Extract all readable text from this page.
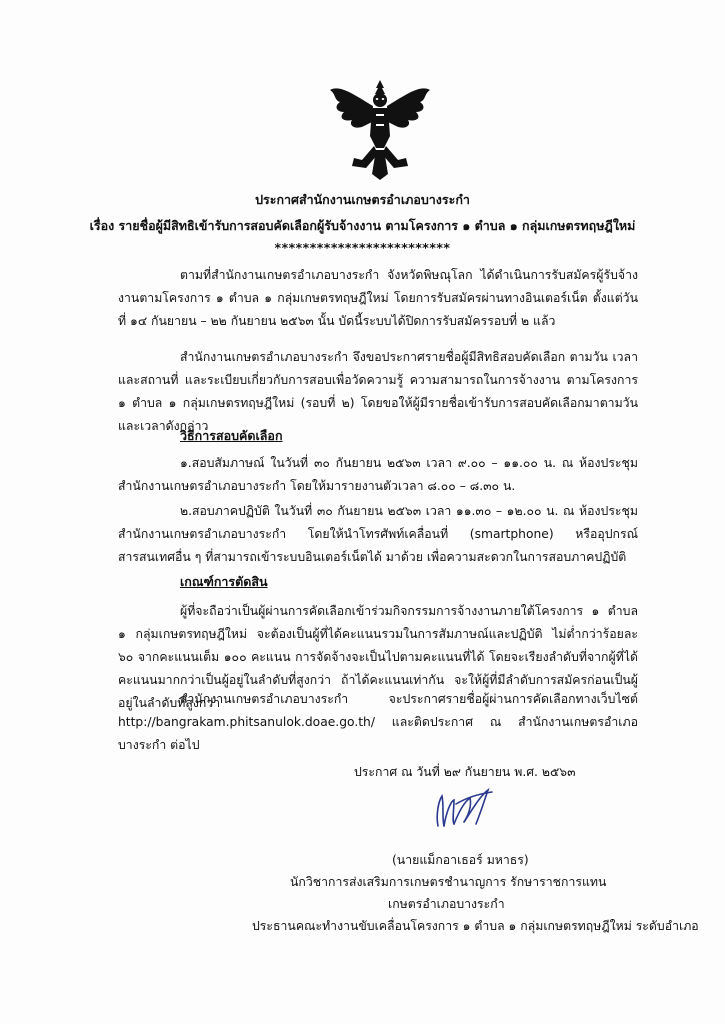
ประกาศสำนักงานเกษตรอำเภอบางระกำ
เรื่อง รายชื่อผู้มีสิทธิเข้ารับการสอบคัดเลือกผู้รับจ้างงาน ตามโครงการ ๑ ตำบล ๑ กลุ่มเกษตรทฤษฎีใหม่
*************************
ตามที่สำนักงานเกษตรอำเภอบางระกำ จังหวัดพิษณุโลก ได้ดำเนินการรับสมัครผู้รับจ้างงานตามโครงการ ๑ ตำบล ๑ กลุ่มเกษตรทฤษฎีใหม่ โดยการรับสมัครผ่านทางอินเตอร์เน็ต ตั้งแต่วันที่ ๑๔ กันยายน – ๒๒ กันยายน ๒๕๖๓ นั้น บัดนี้ระบบได้ปิดการรับสมัครรอบที่ ๒ แล้ว
สำนักงานเกษตรอำเภอบางระกำ จึงขอประกาศรายชื่อผู้มีสิทธิสอบคัดเลือก ตามวัน เวลา และสถานที่ และระเบียบเกี่ยวกับการสอบเพื่อวัดความรู้ ความสามารถในการจ้างงาน ตามโครงการ ๑ ตำบล ๑ กลุ่มเกษตรทฤษฎีใหม่ (รอบที่ ๒) โดยขอให้ผู้มีรายชื่อเข้ารับการสอบคัดเลือกมาตามวันและเวลาดังกล่าว
วิธีการสอบคัดเลือก
๑.สอบสัมภาษณ์ ในวันที่ ๓๐ กันยายน ๒๕๖๓ เวลา ๙.๐๐ – ๑๑.๐๐ น. ณ ห้องประชุมสำนักงานเกษตรอำเภอบางระกำ โดยให้มารายงานตัวเวลา ๘.๐๐ – ๘.๓๐ น.
๒.สอบภาคปฏิบัติ ในวันที่ ๓๐ กันยายน ๒๕๖๓ เวลา ๑๑.๓๐ – ๑๒.๐๐ น. ณ ห้องประชุมสำนักงานเกษตรอำเภอบางระกำ โดยให้นำโทรศัพท์เคลื่อนที่ (smartphone) หรืออุปกรณ์สารสนเทศอื่น ๆ ที่สามารถเข้าระบบอินเตอร์เน็ตได้ มาด้วย เพื่อความสะดวกในการสอบภาคปฏิบัติ
เกณฑ์การตัดสิน
ผู้ที่จะถือว่าเป็นผู้ผ่านการคัดเลือกเข้าร่วมกิจกรรมการจ้างงานภายใต้โครงการ ๑ ตำบล ๑ กลุ่มเกษตรทฤษฎีใหม่ จะต้องเป็นผู้ที่ได้คะแนนรวมในการสัมภาษณ์และปฏิบัติ ไม่ต่ำกว่าร้อยละ ๖๐ จากคะแนนเต็ม ๑๐๐ คะแนน การจัดจ้างจะเป็นไปตามคะแนนที่ได้ โดยจะเรียงลำดับที่จากผู้ที่ได้คะแนนมากกว่าเป็นผู้อยู่ในลำดับที่สูงกว่า ถ้าได้คะแนนเท่ากัน จะให้ผู้ที่มีลำดับการสมัครก่อนเป็นผู้อยู่ในลำดับที่สูงกว่า
สำนักงานเกษตรอำเภอบางระกำ จะประกาศรายชื่อผู้ผ่านการคัดเลือกทางเว็บไซต์ http://bangrakam.phitsanulok.doae.go.th/ และติดประกาศ ณ สำนักงานเกษตรอำเภอบางระกำ ต่อไป
ประกาศ ณ วันที่ ๒๙ กันยายน พ.ศ. ๒๕๖๓
(นายแม็กอาเธอร์ มหาธร)
นักวิชาการส่งเสริมการเกษตรชำนาญการ รักษาราชการแทน
เกษตรอำเภอบางระกำ
ประธานคณะทำงานขับเคลื่อนโครงการ ๑ ตำบล ๑ กลุ่มเกษตรทฤษฎีใหม่ ระดับอำเภอ
